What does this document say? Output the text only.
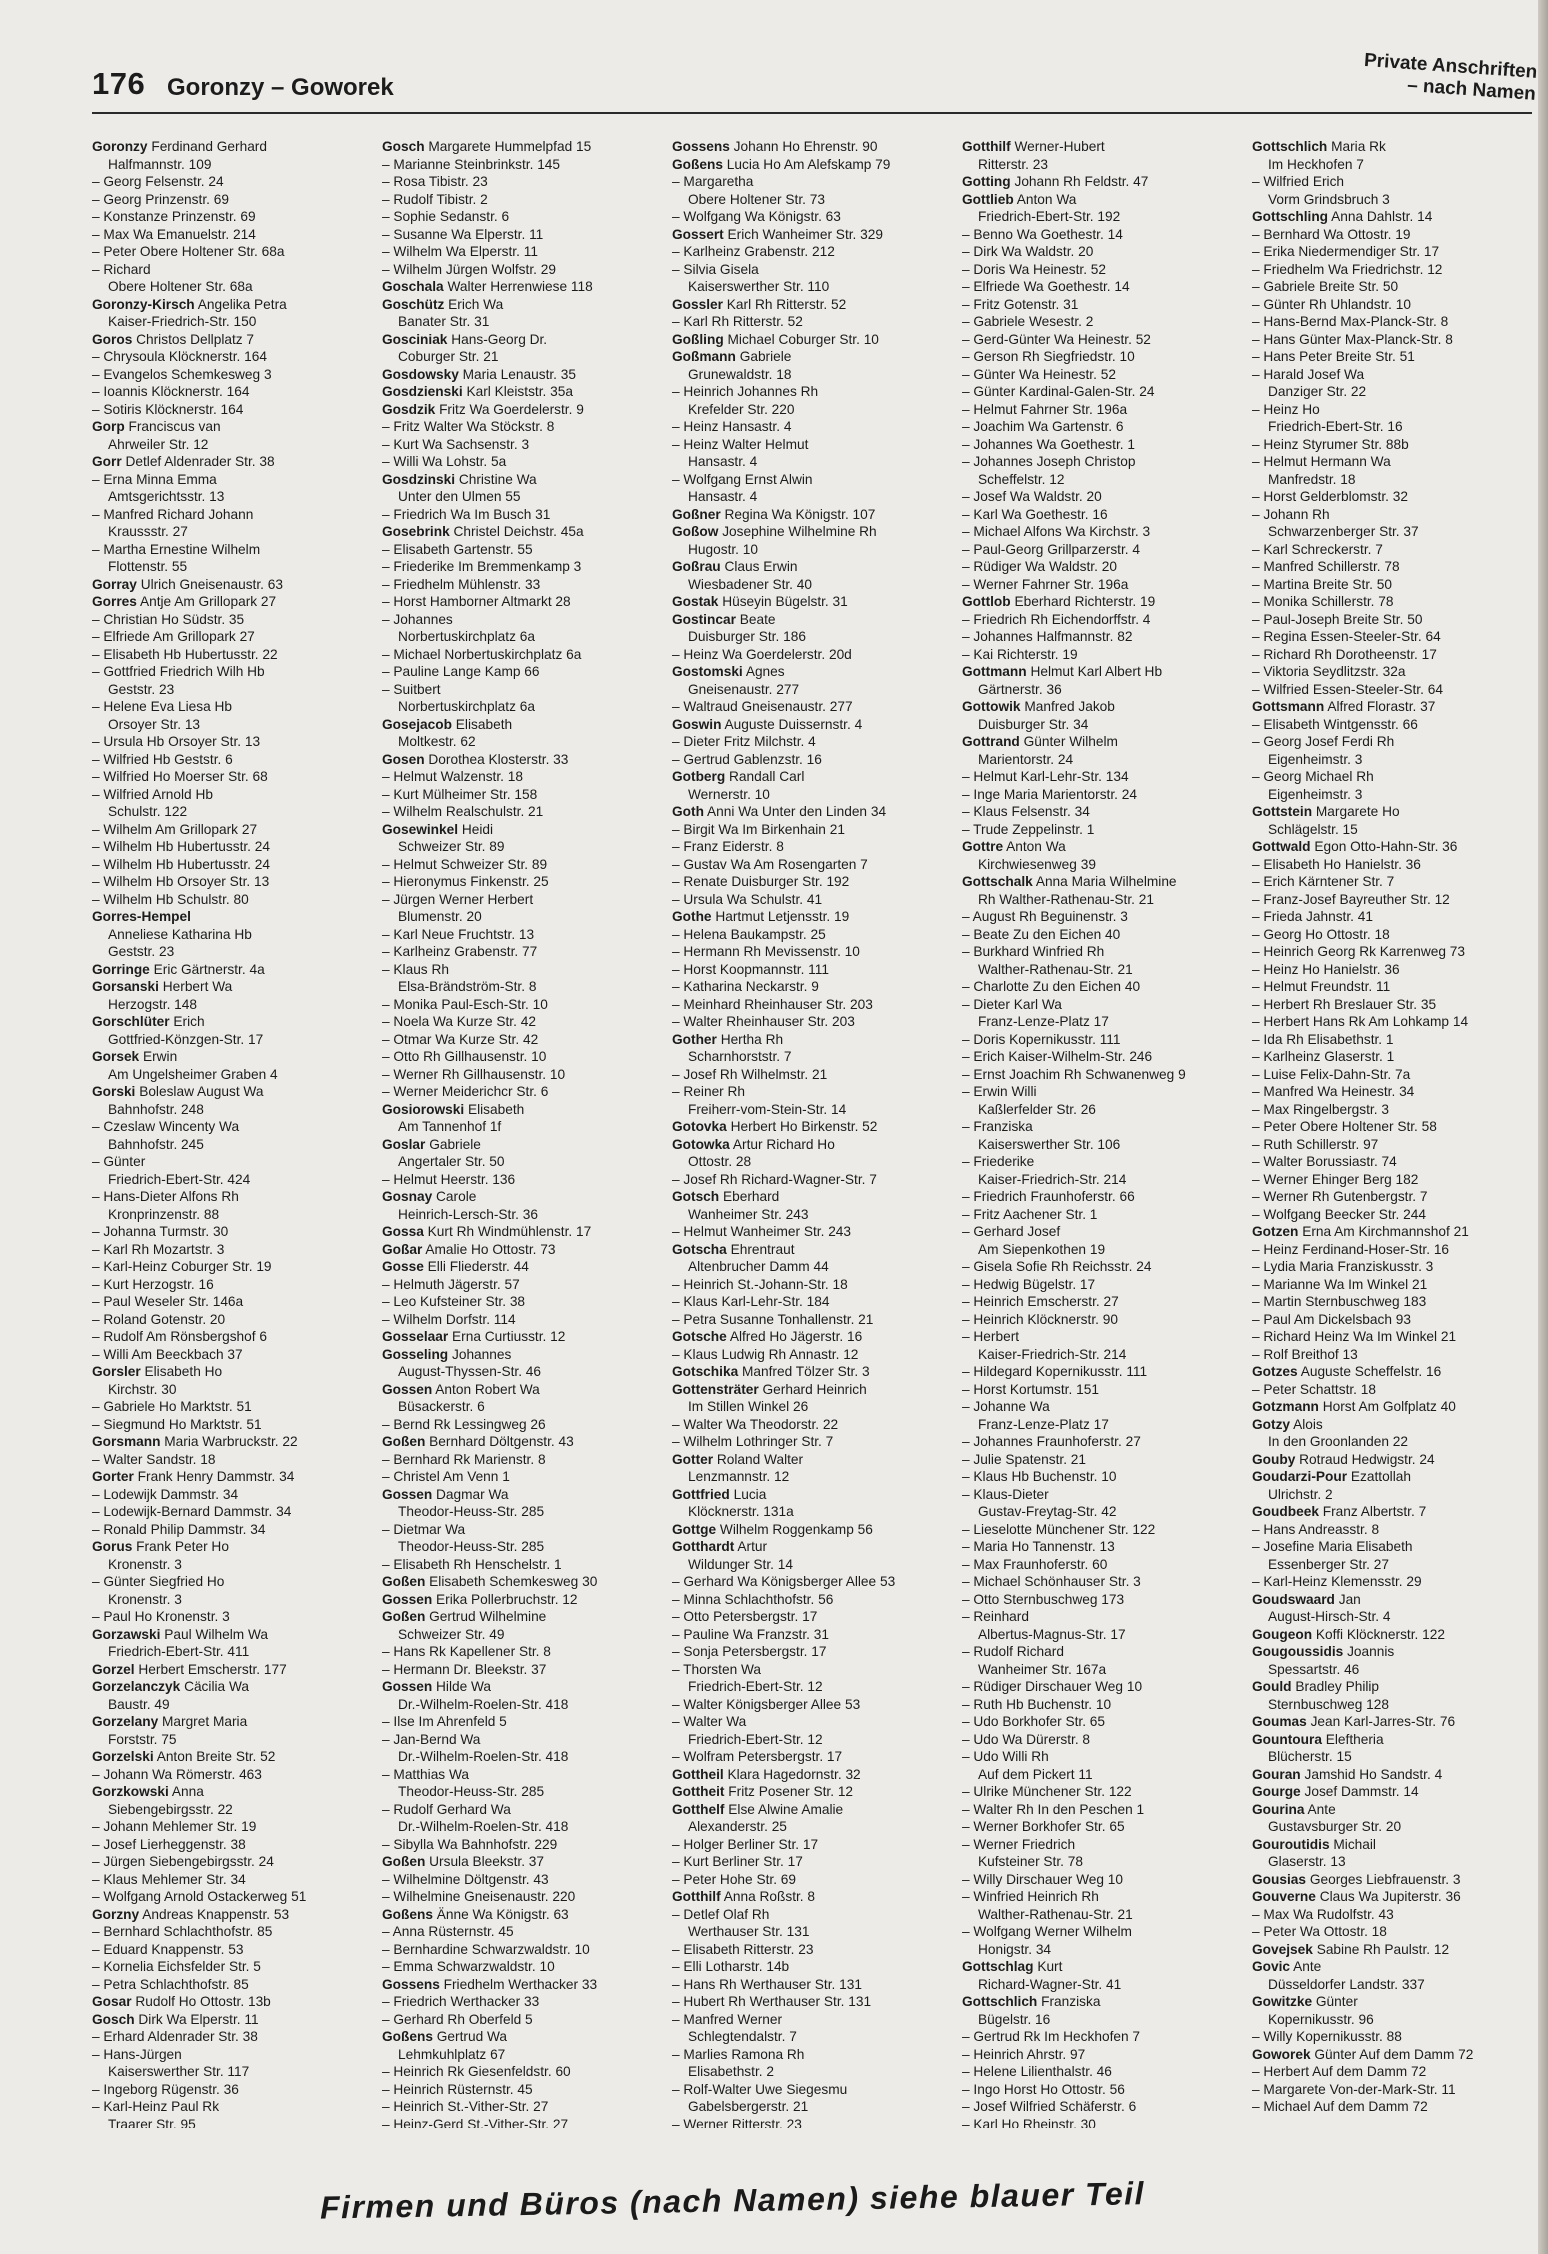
176 Goronzy – Goworek
Private Anschriften
– nach Namen
Goronzy Ferdinand Gerhard
Halfmannstr. 109
– Georg Felsenstr. 24
– Georg Prinzenstr. 69
– Konstanze Prinzenstr. 69
– Max Wa Emanuelstr. 214
– Peter Obere Holtener Str. 68a
– Richard
Obere Holtener Str. 68a
Goronzy-Kirsch Angelika Petra
Kaiser-Friedrich-Str. 150
Goros Christos Dellplatz 7
– Chrysoula Klöcknerstr. 164
– Evangelos Schemkesweg 3
– Ioannis Klöcknerstr. 164
– Sotiris Klöcknerstr. 164
Gorp Franciscus van
Ahrweiler Str. 12
Gorr Detlef Aldenrader Str. 38
– Erna Minna Emma
Amtsgerichtsstr. 13
– Manfred Richard Johann
Kraussstr. 27
– Martha Ernestine Wilhelm
Flottenstr. 55
Gorray Ulrich Gneisenaustr. 63
Gorres Antje Am Grillopark 27
– Christian Ho Südstr. 35
– Elfriede Am Grillopark 27
– Elisabeth Hb Hubertusstr. 22
– Gottfried Friedrich Wilh Hb
Geststr. 23
– Helene Eva Liesa Hb
Orsoyer Str. 13
– Ursula Hb Orsoyer Str. 13
– Wilfried Hb Geststr. 6
– Wilfried Ho Moerser Str. 68
– Wilfried Arnold Hb
Schulstr. 122
– Wilhelm Am Grillopark 27
– Wilhelm Hb Hubertusstr. 24
– Wilhelm Hb Hubertusstr. 24
– Wilhelm Hb Orsoyer Str. 13
– Wilhelm Hb Schulstr. 80
Gorres-Hempel
Anneliese Katharina Hb
Geststr. 23
Gorringe Eric Gärtnerstr. 4a
Gorsanski Herbert Wa
Herzogstr. 148
Gorschlüter Erich
Gottfried-Könzgen-Str. 17
Gorsek Erwin
Am Ungelsheimer Graben 4
Gorski Boleslaw August Wa
Bahnhofstr. 248
– Czeslaw Wincenty Wa
Bahnhofstr. 245
– Günter
Friedrich-Ebert-Str. 424
– Hans-Dieter Alfons Rh
Kronprinzenstr. 88
– Johanna Turmstr. 30
– Karl Rh Mozartstr. 3
– Karl-Heinz Coburger Str. 19
– Kurt Herzogstr. 16
– Paul Weseler Str. 146a
– Roland Gotenstr. 20
– Rudolf Am Rönsbergshof 6
– Willi Am Beeckbach 37
Gorsler Elisabeth Ho
Kirchstr. 30
– Gabriele Ho Marktstr. 51
– Siegmund Ho Marktstr. 51
Gorsmann Maria Warbruckstr. 22
– Walter Sandstr. 18
Gorter Frank Henry Dammstr. 34
– Lodewijk Dammstr. 34
– Lodewijk-Bernard Dammstr. 34
– Ronald Philip Dammstr. 34
Gorus Frank Peter Ho
Kronenstr. 3
– Günter Siegfried Ho
Kronenstr. 3
– Paul Ho Kronenstr. 3
Gorzawski Paul Wilhelm Wa
Friedrich-Ebert-Str. 411
Gorzel Herbert Emscherstr. 177
Gorzelanczyk Cäcilia Wa
Baustr. 49
Gorzelany Margret Maria
Forststr. 75
Gorzelski Anton Breite Str. 52
– Johann Wa Römerstr. 463
Gorzkowski Anna
Siebengebirgsstr. 22
– Johann Mehlemer Str. 19
– Josef Lierheggenstr. 38
– Jürgen Siebengebirgsstr. 24
– Klaus Mehlemer Str. 34
– Wolfgang Arnold Ostackerweg 51
Gorzny Andreas Knappenstr. 53
– Bernhard Schlachthofstr. 85
– Eduard Knappenstr. 53
– Kornelia Eichsfelder Str. 5
– Petra Schlachthofstr. 85
Gosar Rudolf Ho Ottostr. 13b
Gosch Dirk Wa Elperstr. 11
– Erhard Aldenrader Str. 38
– Hans-Jürgen
Kaiserswerther Str. 117
– Ingeborg Rügenstr. 36
– Karl-Heinz Paul Rk
Traarer Str. 95
Gosch Margarete Hummelpfad 15
– Marianne Steinbrinkstr. 145
– Rosa Tibistr. 23
– Rudolf Tibistr. 2
– Sophie Sedanstr. 6
– Susanne Wa Elperstr. 11
– Wilhelm Wa Elperstr. 11
– Wilhelm Jürgen Wolfstr. 29
Goschala Walter Herrenwiese 118
Goschütz Erich Wa
Banater Str. 31
Gosciniak Hans-Georg Dr.
Coburger Str. 21
Gosdowsky Maria Lenaustr. 35
Gosdzienski Karl Kleiststr. 35a
Gosdzik Fritz Wa Goerdelerstr. 9
– Fritz Walter Wa Stöckstr. 8
– Kurt Wa Sachsenstr. 3
– Willi Wa Lohstr. 5a
Gosdzinski Christine Wa
Unter den Ulmen 55
– Friedrich Wa Im Busch 31
Gosebrink Christel Deichstr. 45a
– Elisabeth Gartenstr. 55
– Friederike Im Bremmenkamp 3
– Friedhelm Mühlenstr. 33
– Horst Hamborner Altmarkt 28
– Johannes
Norbertuskirchplatz 6a
– Michael Norbertuskirchplatz 6a
– Pauline Lange Kamp 66
– Suitbert
Norbertuskirchplatz 6a
Gosejacob Elisabeth
Moltkestr. 62
Gosen Dorothea Klosterstr. 33
– Helmut Walzenstr. 18
– Kurt Mülheimer Str. 158
– Wilhelm Realschulstr. 21
Gosewinkel Heidi
Schweizer Str. 89
– Helmut Schweizer Str. 89
– Hieronymus Finkenstr. 25
– Jürgen Werner Herbert
Blumenstr. 20
– Karl Neue Fruchtstr. 13
– Karlheinz Grabenstr. 77
– Klaus Rh
Elsa-Brändström-Str. 8
– Monika Paul-Esch-Str. 10
– Noela Wa Kurze Str. 42
– Otmar Wa Kurze Str. 42
– Otto Rh Gillhausenstr. 10
– Werner Rh Gillhausenstr. 10
– Werner Meiderichcr Str. 6
Gosiorowski Elisabeth
Am Tannenhof 1f
Goslar Gabriele
Angertaler Str. 50
– Helmut Heerstr. 136
Gosnay Carole
Heinrich-Lersch-Str. 36
Gossa Kurt Rh Windmühlenstr. 17
Goßar Amalie Ho Ottostr. 73
Gosse Elli Fliederstr. 44
– Helmuth Jägerstr. 57
– Leo Kufsteiner Str. 38
– Wilhelm Dorfstr. 114
Gosselaar Erna Curtiusstr. 12
Gosseling Johannes
August-Thyssen-Str. 46
Gossen Anton Robert Wa
Büsackerstr. 6
– Bernd Rk Lessingweg 26
Goßen Bernhard Döltgenstr. 43
– Bernhard Rk Marienstr. 8
– Christel Am Venn 1
Gossen Dagmar Wa
Theodor-Heuss-Str. 285
– Dietmar Wa
Theodor-Heuss-Str. 285
– Elisabeth Rh Henschelstr. 1
Goßen Elisabeth Schemkesweg 30
Gossen Erika Pollerbruchstr. 12
Goßen Gertrud Wilhelmine
Schweizer Str. 49
– Hans Rk Kapellener Str. 8
– Hermann Dr. Bleekstr. 37
Gossen Hilde Wa
Dr.-Wilhelm-Roelen-Str. 418
– Ilse Im Ahrenfeld 5
– Jan-Bernd Wa
Dr.-Wilhelm-Roelen-Str. 418
– Matthias Wa
Theodor-Heuss-Str. 285
– Rudolf Gerhard Wa
Dr.-Wilhelm-Roelen-Str. 418
– Sibylla Wa Bahnhofstr. 229
Goßen Ursula Bleekstr. 37
– Wilhelmine Döltgenstr. 43
– Wilhelmine Gneisenaustr. 220
Goßens Änne Wa Königstr. 63
– Anna Rüsternstr. 45
– Bernhardine Schwarzwaldstr. 10
– Emma Schwarzwaldstr. 10
Gossens Friedhelm Werthacker 33
– Friedrich Werthacker 33
– Gerhard Rh Oberfeld 5
Goßens Gertrud Wa
Lehmkuhlplatz 67
– Heinrich Rk Giesenfeldstr. 60
– Heinrich Rüsternstr. 45
– Heinrich St.-Vither-Str. 27
– Heinz-Gerd St.-Vither-Str. 27
Gossens Johann Ho Ehrenstr. 90
Goßens Lucia Ho Am Alefskamp 79
– Margaretha
Obere Holtener Str. 73
– Wolfgang Wa Königstr. 63
Gossert Erich Wanheimer Str. 329
– Karlheinz Grabenstr. 212
– Silvia Gisela
Kaiserswerther Str. 110
Gossler Karl Rh Ritterstr. 52
– Karl Rh Ritterstr. 52
Goßling Michael Coburger Str. 10
Goßmann Gabriele
Grunewaldstr. 18
– Heinrich Johannes Rh
Krefelder Str. 220
– Heinz Hansastr. 4
– Heinz Walter Helmut
Hansastr. 4
– Wolfgang Ernst Alwin
Hansastr. 4
Goßner Regina Wa Königstr. 107
Goßow Josephine Wilhelmine Rh
Hugostr. 10
Goßrau Claus Erwin
Wiesbadener Str. 40
Gostak Hüseyin Bügelstr. 31
Gostincar Beate
Duisburger Str. 186
– Heinz Wa Goerdelerstr. 20d
Gostomski Agnes
Gneisenaustr. 277
– Waltraud Gneisenaustr. 277
Goswin Auguste Duissernstr. 4
– Dieter Fritz Milchstr. 4
– Gertrud Gablenzstr. 16
Gotberg Randall Carl
Wernerstr. 10
Goth Anni Wa Unter den Linden 34
– Birgit Wa Im Birkenhain 21
– Franz Eiderstr. 8
– Gustav Wa Am Rosengarten 7
– Renate Duisburger Str. 192
– Ursula Wa Schulstr. 41
Gothe Hartmut Letjensstr. 19
– Helena Baukampstr. 25
– Hermann Rh Mevissenstr. 10
– Horst Koopmannstr. 111
– Katharina Neckarstr. 9
– Meinhard Rheinhauser Str. 203
– Walter Rheinhauser Str. 203
Gother Hertha Rh
Scharnhorststr. 7
– Josef Rh Wilhelmstr. 21
– Reiner Rh
Freiherr-vom-Stein-Str. 14
Gotovka Herbert Ho Birkenstr. 52
Gotowka Artur Richard Ho
Ottostr. 28
– Josef Rh Richard-Wagner-Str. 7
Gotsch Eberhard
Wanheimer Str. 243
– Helmut Wanheimer Str. 243
Gotscha Ehrentraut
Altenbrucher Damm 44
– Heinrich St.-Johann-Str. 18
– Klaus Karl-Lehr-Str. 184
– Petra Susanne Tonhallenstr. 21
Gotsche Alfred Ho Jägerstr. 16
– Klaus Ludwig Rh Annastr. 12
Gotschika Manfred Tölzer Str. 3
Gottensträter Gerhard Heinrich
Im Stillen Winkel 26
– Walter Wa Theodorstr. 22
– Wilhelm Lothringer Str. 7
Gotter Roland Walter
Lenzmannstr. 12
Gottfried Lucia
Klöcknerstr. 131a
Gottge Wilhelm Roggenkamp 56
Gotthardt Artur
Wildunger Str. 14
– Gerhard Wa Königsberger Allee 53
– Minna Schlachthofstr. 56
– Otto Petersbergstr. 17
– Pauline Wa Franzstr. 31
– Sonja Petersbergstr. 17
– Thorsten Wa
Friedrich-Ebert-Str. 12
– Walter Königsberger Allee 53
– Walter Wa
Friedrich-Ebert-Str. 12
– Wolfram Petersbergstr. 17
Gottheil Klara Hagedornstr. 32
Gottheit Fritz Posener Str. 12
Gotthelf Else Alwine Amalie
Alexanderstr. 25
– Holger Berliner Str. 17
– Kurt Berliner Str. 17
– Peter Hohe Str. 69
Gotthilf Anna Roßstr. 8
– Detlef Olaf Rh
Werthauser Str. 131
– Elisabeth Ritterstr. 23
– Elli Lotharstr. 14b
– Hans Rh Werthauser Str. 131
– Hubert Rh Werthauser Str. 131
– Manfred Werner
Schlegtendalstr. 7
– Marlies Ramona Rh
Elisabethstr. 2
– Rolf-Walter Uwe Siegesmu
Gabelsbergerstr. 21
– Werner Ritterstr. 23
Gotthilf Werner-Hubert
Ritterstr. 23
Gotting Johann Rh Feldstr. 47
Gottlieb Anton Wa
Friedrich-Ebert-Str. 192
– Benno Wa Goethestr. 14
– Dirk Wa Waldstr. 20
– Doris Wa Heinestr. 52
– Elfriede Wa Goethestr. 14
– Fritz Gotenstr. 31
– Gabriele Wesestr. 2
– Gerd-Günter Wa Heinestr. 52
– Gerson Rh Siegfriedstr. 10
– Günter Wa Heinestr. 52
– Günter Kardinal-Galen-Str. 24
– Helmut Fahrner Str. 196a
– Joachim Wa Gartenstr. 6
– Johannes Wa Goethestr. 1
– Johannes Joseph Christop
Scheffelstr. 12
– Josef Wa Waldstr. 20
– Karl Wa Goethestr. 16
– Michael Alfons Wa Kirchstr. 3
– Paul-Georg Grillparzerstr. 4
– Rüdiger Wa Waldstr. 20
– Werner Fahrner Str. 196a
Gottlob Eberhard Richterstr. 19
– Friedrich Rh Eichendorffstr. 4
– Johannes Halfmannstr. 82
– Kai Richterstr. 19
Gottmann Helmut Karl Albert Hb
Gärtnerstr. 36
Gottowik Manfred Jakob
Duisburger Str. 34
Gottrand Günter Wilhelm
Marientorstr. 24
– Helmut Karl-Lehr-Str. 134
– Inge Maria Marientorstr. 24
– Klaus Felsenstr. 34
– Trude Zeppelinstr. 1
Gottre Anton Wa
Kirchwiesenweg 39
Gottschalk Anna Maria Wilhelmine
Rh Walther-Rathenau-Str. 21
– August Rh Beguinenstr. 3
– Beate Zu den Eichen 40
– Burkhard Winfried Rh
Walther-Rathenau-Str. 21
– Charlotte Zu den Eichen 40
– Dieter Karl Wa
Franz-Lenze-Platz 17
– Doris Kopernikusstr. 111
– Erich Kaiser-Wilhelm-Str. 246
– Ernst Joachim Rh Schwanenweg 9
– Erwin Willi
Kaßlerfelder Str. 26
– Franziska
Kaiserswerther Str. 106
– Friederike
Kaiser-Friedrich-Str. 214
– Friedrich Fraunhoferstr. 66
– Fritz Aachener Str. 1
– Gerhard Josef
Am Siepenkothen 19
– Gisela Sofie Rh Reichsstr. 24
– Hedwig Bügelstr. 17
– Heinrich Emscherstr. 27
– Heinrich Klöcknerstr. 90
– Herbert
Kaiser-Friedrich-Str. 214
– Hildegard Kopernikusstr. 111
– Horst Kortumstr. 151
– Johanne Wa
Franz-Lenze-Platz 17
– Johannes Fraunhoferstr. 27
– Julie Spatenstr. 21
– Klaus Hb Buchenstr. 10
– Klaus-Dieter
Gustav-Freytag-Str. 42
– Lieselotte Münchener Str. 122
– Maria Ho Tannenstr. 13
– Max Fraunhoferstr. 60
– Michael Schönhauser Str. 3
– Otto Sternbuschweg 173
– Reinhard
Albertus-Magnus-Str. 17
– Rudolf Richard
Wanheimer Str. 167a
– Rüdiger Dirschauer Weg 10
– Ruth Hb Buchenstr. 10
– Udo Borkhofer Str. 65
– Udo Wa Dürerstr. 8
– Udo Willi Rh
Auf dem Pickert 11
– Ulrike Münchener Str. 122
– Walter Rh In den Peschen 1
– Werner Borkhofer Str. 65
– Werner Friedrich
Kufsteiner Str. 78
– Willy Dirschauer Weg 10
– Winfried Heinrich Rh
Walther-Rathenau-Str. 21
– Wolfgang Werner Wilhelm
Honigstr. 34
Gottschlag Kurt
Richard-Wagner-Str. 41
Gottschlich Franziska
Bügelstr. 16
– Gertrud Rk Im Heckhofen 7
– Heinrich Ahrstr. 97
– Helene Lilienthalstr. 46
– Ingo Horst Ho Ottostr. 56
– Josef Wilfried Schäferstr. 6
– Karl Ho Rheinstr. 30
Gottschlich Maria Rk
Im Heckhofen 7
– Wilfried Erich
Vorm Grindsbruch 3
Gottschling Anna Dahlstr. 14
– Bernhard Wa Ottostr. 19
– Erika Niedermendiger Str. 17
– Friedhelm Wa Friedrichstr. 12
– Gabriele Breite Str. 50
– Günter Rh Uhlandstr. 10
– Hans-Bernd Max-Planck-Str. 8
– Hans Günter Max-Planck-Str. 8
– Hans Peter Breite Str. 51
– Harald Josef Wa
Danziger Str. 22
– Heinz Ho
Friedrich-Ebert-Str. 16
– Heinz Styrumer Str. 88b
– Helmut Hermann Wa
Manfredstr. 18
– Horst Gelderblomstr. 32
– Johann Rh
Schwarzenberger Str. 37
– Karl Schreckerstr. 7
– Manfred Schillerstr. 78
– Martina Breite Str. 50
– Monika Schillerstr. 78
– Paul-Joseph Breite Str. 50
– Regina Essen-Steeler-Str. 64
– Richard Rh Dorotheenstr. 17
– Viktoria Seydlitzstr. 32a
– Wilfried Essen-Steeler-Str. 64
Gottsmann Alfred Florastr. 37
– Elisabeth Wintgensstr. 66
– Georg Josef Ferdi Rh
Eigenheimstr. 3
– Georg Michael Rh
Eigenheimstr. 3
Gottstein Margarete Ho
Schlägelstr. 15
Gottwald Egon Otto-Hahn-Str. 36
– Elisabeth Ho Hanielstr. 36
– Erich Kärntener Str. 7
– Franz-Josef Bayreuther Str. 12
– Frieda Jahnstr. 41
– Georg Ho Ottostr. 18
– Heinrich Georg Rk Karrenweg 73
– Heinz Ho Hanielstr. 36
– Helmut Freundstr. 11
– Herbert Rh Breslauer Str. 35
– Herbert Hans Rk Am Lohkamp 14
– Ida Rh Elisabethstr. 1
– Karlheinz Glaserstr. 1
– Luise Felix-Dahn-Str. 7a
– Manfred Wa Heinestr. 34
– Max Ringelbergstr. 3
– Peter Obere Holtener Str. 58
– Ruth Schillerstr. 97
– Walter Borussiastr. 74
– Werner Ehinger Berg 182
– Werner Rh Gutenbergstr. 7
– Wolfgang Beecker Str. 244
Gotzen Erna Am Kirchmannshof 21
– Heinz Ferdinand-Hoser-Str. 16
– Lydia Maria Franziskusstr. 3
– Marianne Wa Im Winkel 21
– Martin Sternbuschweg 183
– Paul Am Dickelsbach 93
– Richard Heinz Wa Im Winkel 21
– Rolf Breithof 13
Gotzes Auguste Scheffelstr. 16
– Peter Schattstr. 18
Gotzmann Horst Am Golfplatz 40
Gotzy Alois
In den Groonlanden 22
Gouby Rotraud Hedwigstr. 24
Goudarzi-Pour Ezattollah
Ulrichstr. 2
Goudbeek Franz Albertstr. 7
– Hans Andreasstr. 8
– Josefine Maria Elisabeth
Essenberger Str. 27
– Karl-Heinz Klemensstr. 29
Goudswaard Jan
August-Hirsch-Str. 4
Gougeon Koffi Klöcknerstr. 122
Gougoussidis Joannis
Spessartstr. 46
Gould Bradley Philip
Sternbuschweg 128
Goumas Jean Karl-Jarres-Str. 76
Gountoura Eleftheria
Blücherstr. 15
Gouran Jamshid Ho Sandstr. 4
Gourge Josef Dammstr. 14
Gourina Ante
Gustavsburger Str. 20
Gouroutidis Michail
Glaserstr. 13
Gousias Georges Liebfrauenstr. 3
Gouverne Claus Wa Jupiterstr. 36
– Max Wa Rudolfstr. 43
– Peter Wa Ottostr. 18
Govejsek Sabine Rh Paulstr. 12
Govic Ante
Düsseldorfer Landstr. 337
Gowitzke Günter
Kopernikusstr. 96
– Willy Kopernikusstr. 88
Goworek Günter Auf dem Damm 72
– Herbert Auf dem Damm 72
– Margarete Von-der-Mark-Str. 11
– Michael Auf dem Damm 72
Firmen und Büros (nach Namen) siehe blauer Teil
